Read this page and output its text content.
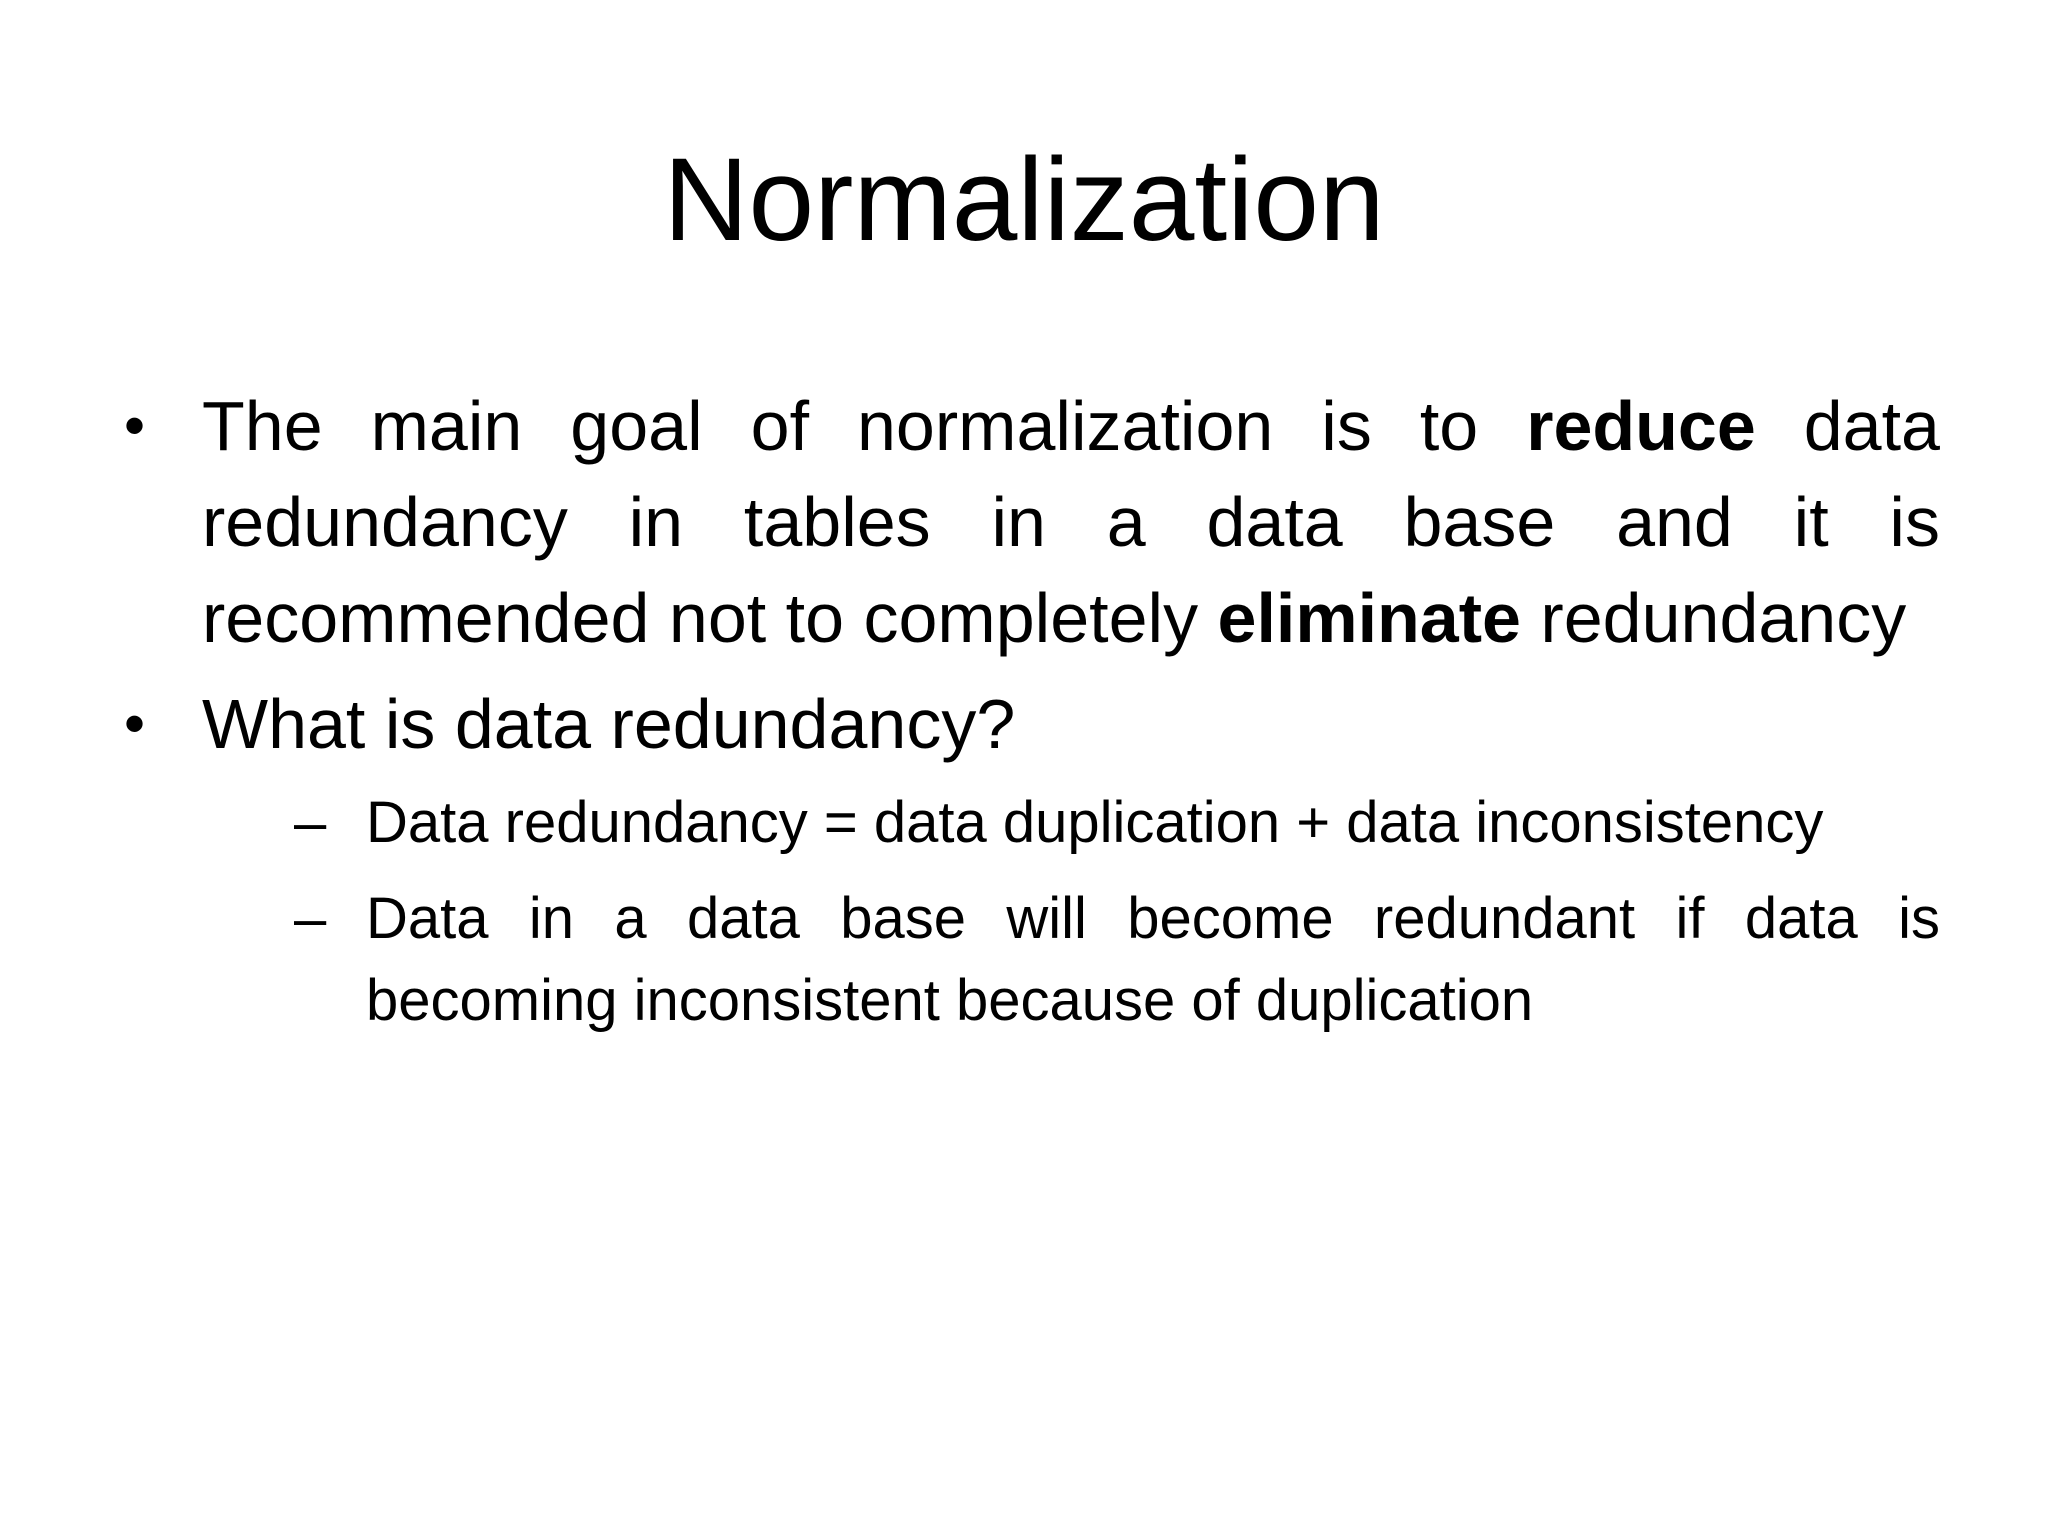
Normalization
• The main goal of normalization is to reduce data redundancy in tables in a data base and it is recommended not to completely eliminate redundancy
• What is data redundancy?
– Data redundancy = data duplication + data inconsistency
– Data in a data base will become redundant if data is becoming inconsistent because of duplication
